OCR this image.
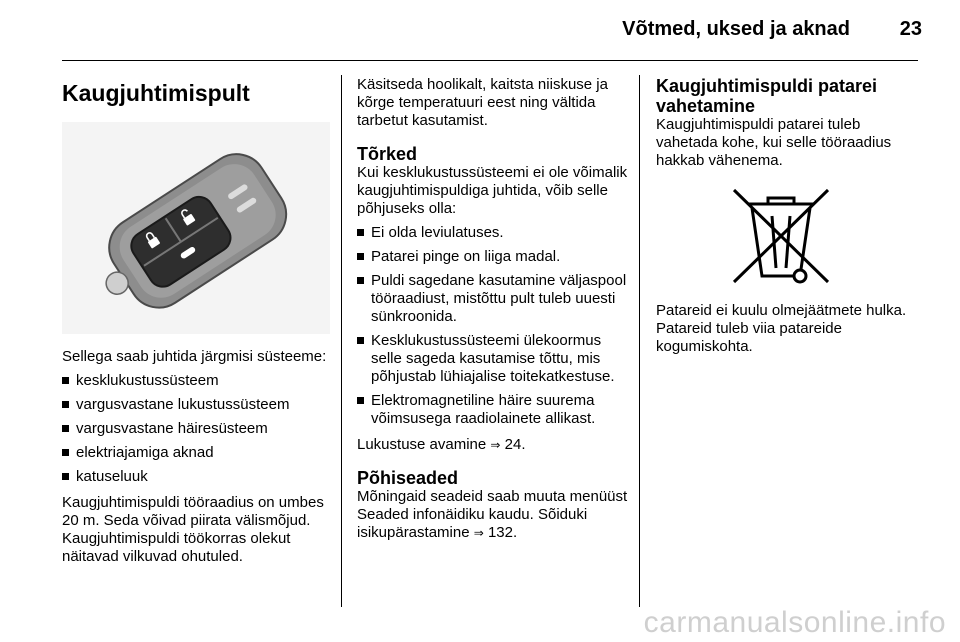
Võtmed, uksed ja aknad 23
Kaugjuhtimispult

Sellega saab juhtida järgmisi süsteeme:

kesklukustussüsteem
vargusvastane lukustussüsteem
vargusvastane häiresüsteem
elektriajamiga aknad
katuseluuk

Kaugjuhtimispuldi tööraadius on umbes 20 m. Seda võivad piirata välismõjud. Kaugjuhtimispuldi töökorras olekut näitavad vilkuvad ohutuled.

Käsitseda hoolikalt, kaitsta niiskuse ja kõrge temperatuuri eest ning vältida tarbetut kasutamist.

Tõrked

Kui kesklukustussüsteemi ei ole võimalik kaugjuhtimispuldiga juhtida, võib selle põhjuseks olla:

Ei olda leviulatuses.
Patarei pinge on liiga madal.
Puldi sagedane kasutamine väljaspool tööraadiust, mistõttu pult tuleb uuesti sünkroonida.
Kesklukustussüsteemi ülekoormus selle sageda kasutamise tõttu, mis põhjustab lühiajalise toitekatkestuse.
Elektromagnetiline häire suurema võimsusega raadiolainete allikast.

Lukustuse avamine ⇒ 24.

Põhiseaded

Mõningaid seadeid saab muuta menüüst Seaded infonäidiku kaudu. Sõiduki isikupärastamine ⇒ 132.

Kaugjuhtimispuldi patarei vahetamine

Kaugjuhtimispuldi patarei tuleb vahetada kohe, kui selle tööraadius hakkab vähenema.

Patareid ei kuulu olmejäätmete hulka. Patareid tuleb viia patareide kogumiskohta.

carmanualsonline.info
